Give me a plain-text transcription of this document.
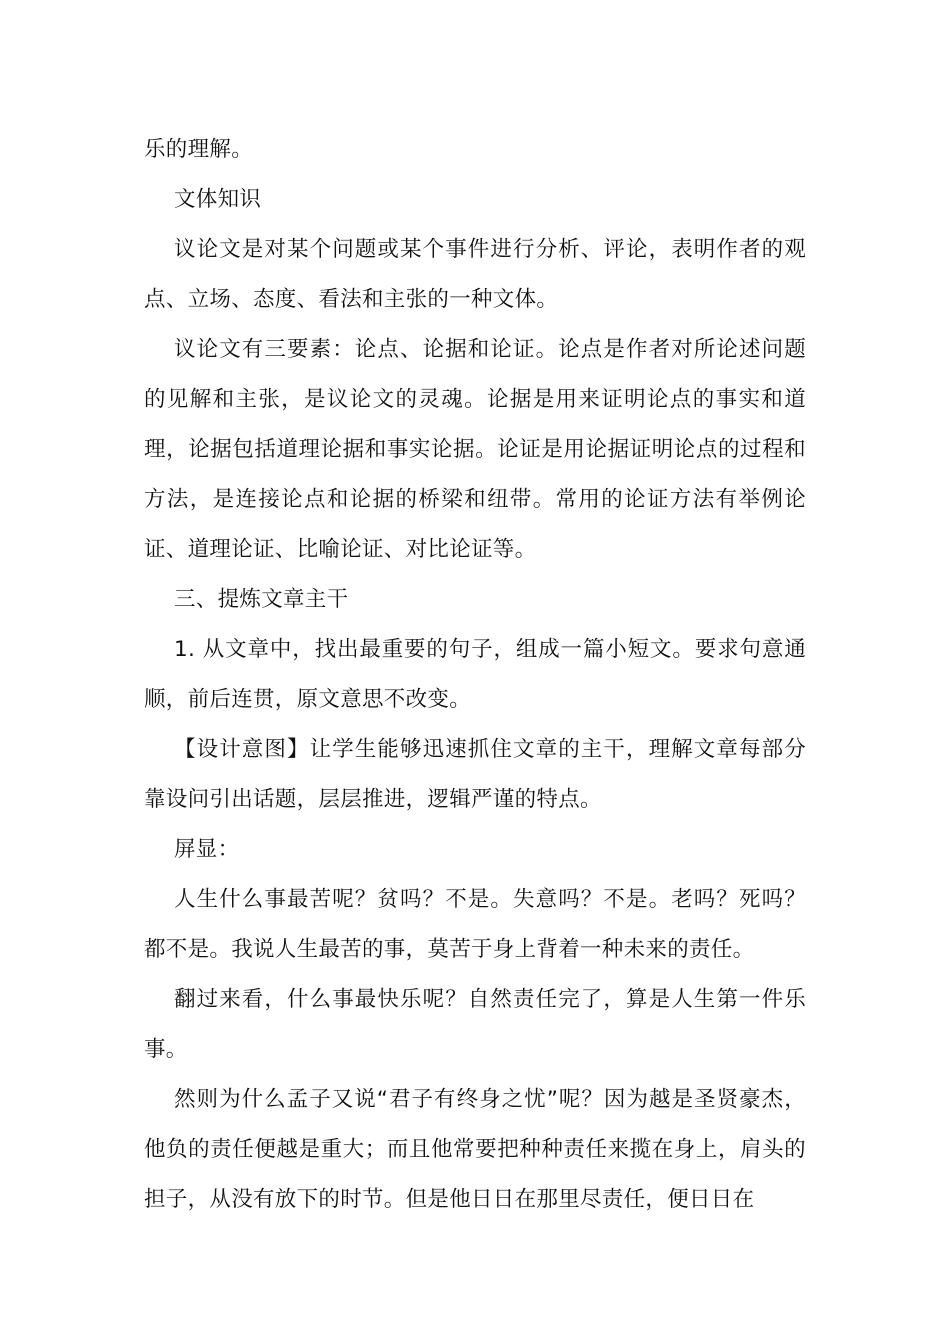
乐的理解。

文体知识

议论文是对某个问题或某个事件进行分析、评论，表明作者的观点、立场、态度、看法和主张的一种文体。

议论文有三要素：论点、论据和论证。论点是作者对所论述问题的见解和主张，是议论文的灵魂。论据是用来证明论点的事实和道理，论据包括道理论据和事实论据。论证是用论据证明论点的过程和方法，是连接论点和论据的桥梁和纽带。常用的论证方法有举例论证、道理论证、比喻论证、对比论证等。

三、提炼文章主干

1. 从文章中，找出最重要的句子，组成一篇小短文。要求句意通顺，前后连贯，原文意思不改变。

【设计意图】让学生能够迅速抓住文章的主干，理解文章每部分靠设问引出话题，层层推进，逻辑严谨的特点。

屏显：

人生什么事最苦呢？贫吗？不是。失意吗？不是。老吗？死吗？都不是。我说人生最苦的事，莫苦于身上背着一种未来的责任。

翻过来看，什么事最快乐呢？自然责任完了，算是人生第一件乐事。

然则为什么孟子又说“君子有终身之忧”呢？因为越是圣贤豪杰，他负的责任便越是重大；而且他常要把种种责任来揽在身上，肩头的担子，从没有放下的时节。但是他日日在那里尽责任，便日日在
